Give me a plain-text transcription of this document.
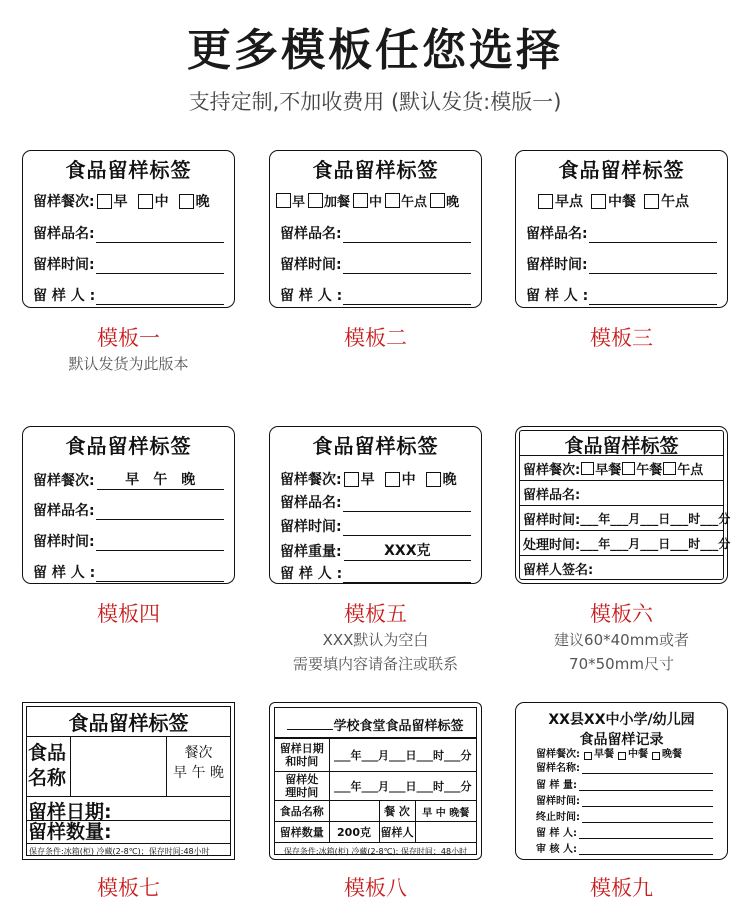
更多模板任您选择
支持定制,不加收费用 (默认发货:模版一)
食品留样标签
留样餐次: 早 中 晚
留样品名:
留样时间:
留 样 人 :
模板一
默认发货为此版本
食品留样标签
早 加餐 中 午点 晚
留样品名:
留样时间:
留 样 人 :
模板二
食品留样标签
早点 中餐 午点
留样品名:
留样时间:
留 样 人 :
模板三
食品留样标签
留样餐次:	早　午　晚
留样品名:
留样时间:
留 样 人 :
模板四
食品留样标签
留样餐次: 早 中 晚
留样品名:
留样时间:
留样重量:	XXX克
留 样 人 :
模板五
XXX默认为空白
需要填内容请备注或联系
食品留样标签
留样餐次: 早餐 午餐 午点
留样品名:
留样时间: ___年___月___日___时___分
处理时间: ___年___月___日___时___分
留样人签名:
模板六
建议60*40mm或者
70*50mm尺寸
食品留样标签
食品
名称
餐次
早 午 晚
留样日期:
留样数量:
保存条件:冰箱(柜) 冷藏(2-8℃)；保存时间:48小时
模板七
学校食堂食品留样标签
留样日期
和时间	___年___月___日___时___分		

留样处
理时间	___年___月___日___时___分		
食品名称		餐 次	早 中 晚餐
留样数量	200克	留样人	
保存条件:冰箱(柜) 冷藏(2-8℃); 保存时间：48小时
模板八
XX县XX中小学/幼儿园
食品留样记录
留样餐次: 早餐 中餐 晚餐
留样名称:
留 样 量:
留样时间:
终止时间:
留 样 人:
审 核 人:
模板九
